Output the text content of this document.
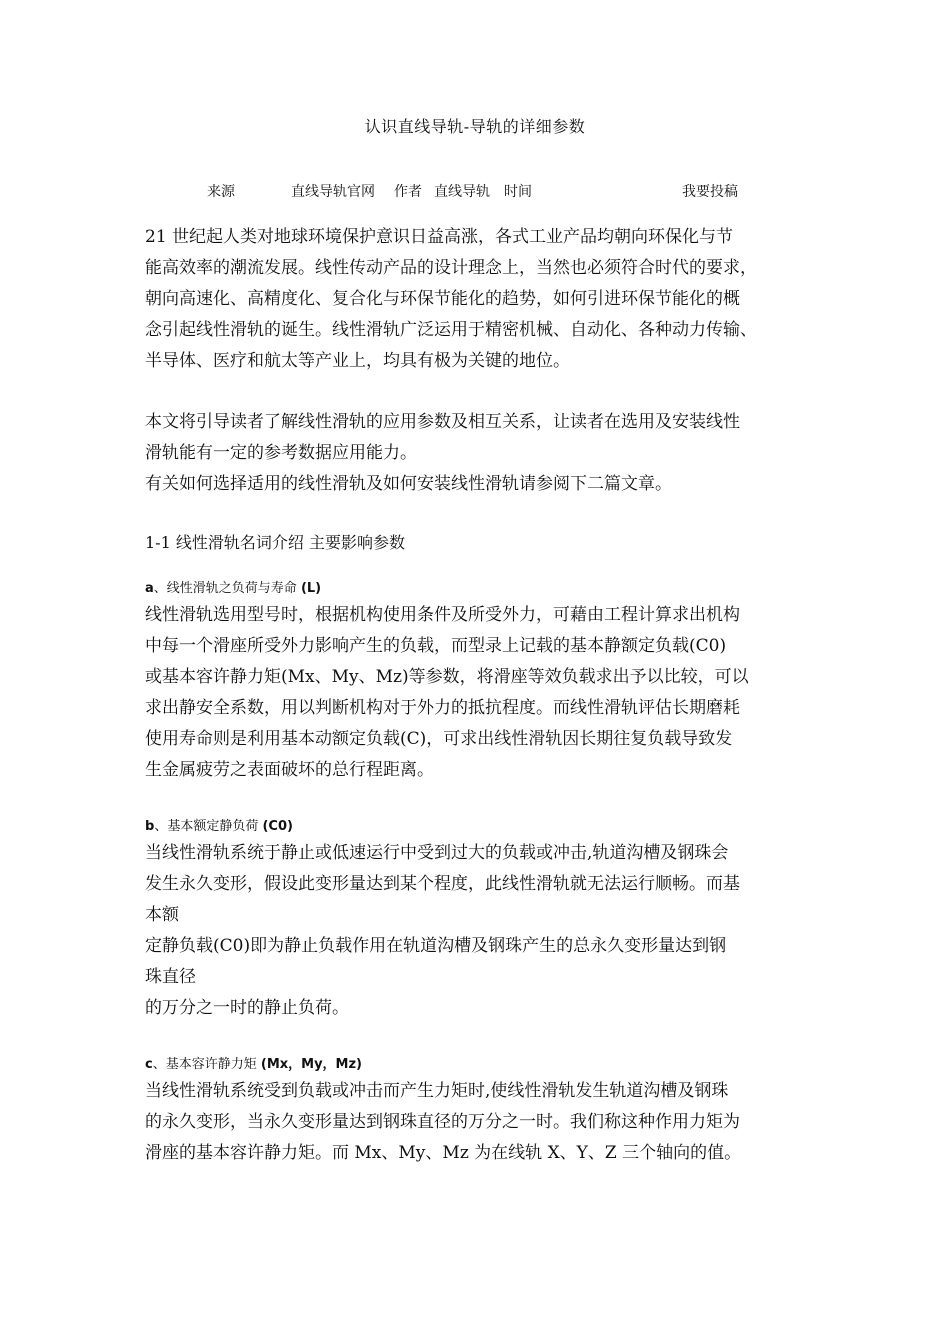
认识直线导轨-导轨的详细参数
来源	直线导轨官网 作者 直线导轨 时间	我要投稿

21 世纪起人类对地球环境保护意识日益高涨，各式工业产品均朝向环保化与节
能高效率的潮流发展。线性传动产品的设计理念上，当然也必须符合时代的要求，
朝向高速化、高精度化、复合化与环保节能化的趋势，如何引进环保节能化的概
念引起线性滑轨的诞生。线性滑轨广泛运用于精密机械、自动化、各种动力传输、
半导体、医疗和航太等产业上，均具有极为关键的地位。

本文将引导读者了解线性滑轨的应用参数及相互关系，让读者在选用及安装线性
滑轨能有一定的参考数据应用能力。
有关如何选择适用的线性滑轨及如何安装线性滑轨请参阅下二篇文章。

1-1 线性滑轨名词介绍 主要影响参数

a、线性滑轨之负荷与寿命 (L)

线性滑轨选用型号时，根据机构使用条件及所受外力，可藉由工程计算求出机构
中每一个滑座所受外力影响产生的负载，而型录上记载的基本静额定负载(C0)
或基本容许静力矩(Mx、My、Mz)等参数，将滑座等效负载求出予以比较，可以
求出静安全系数，用以判断机构对于外力的抵抗程度。而线性滑轨评估长期磨耗
使用寿命则是利用基本动额定负载(C)，可求出线性滑轨因长期往复负载导致发
生金属疲劳之表面破坏的总行程距离。

b、基本额定静负荷 (C0)

当线性滑轨系统于静止或低速运行中受到过大的负载或冲击,轨道沟槽及钢珠会
发生永久变形，假设此变形量达到某个程度，此线性滑轨就无法运行顺畅。而基
本额
定静负载(C0)即为静止负载作用在轨道沟槽及钢珠产生的总永久变形量达到钢
珠直径
的万分之一时的静止负荷。

c、基本容许静力矩 (Mx，My，Mz)

当线性滑轨系统受到负载或冲击而产生力矩时,使线性滑轨发生轨道沟槽及钢珠
的永久变形，当永久变形量达到钢珠直径的万分之一时。我们称这种作用力矩为
滑座的基本容许静力矩。而 Mx、My、Mz 为在线轨 X、Y、Z 三个轴向的值。
